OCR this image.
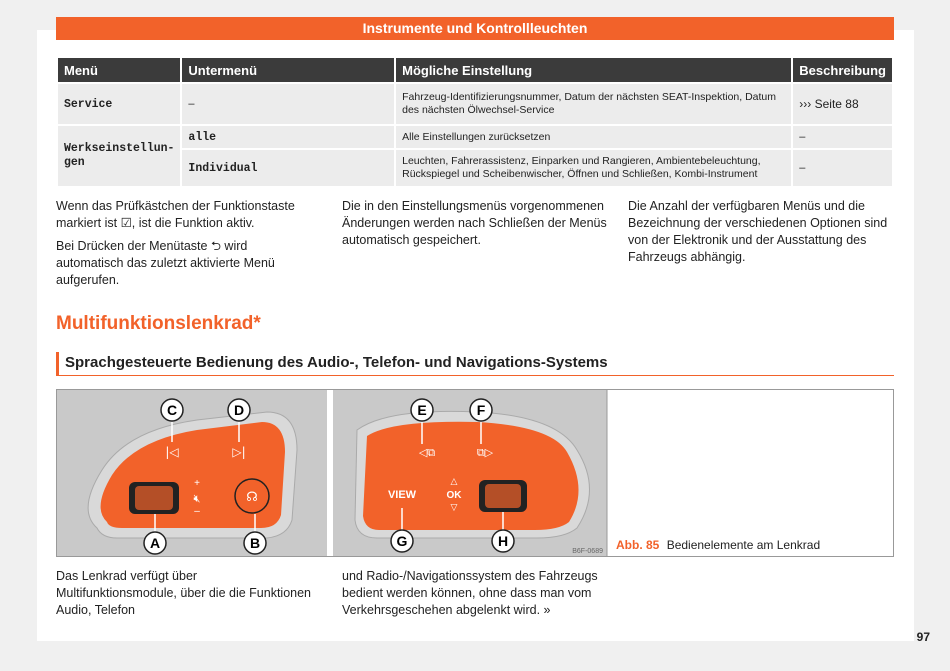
Instrumente und Kontrollleuchten
Menü	Untermenü	Mögliche Einstellung	Beschreibung
Service	–	Fahrzeug-Identifizierungsnummer, Datum der nächsten SEAT-Inspektion, Datum des nächsten Ölwechsel-Service	››› Seite 88
Werkseinstellun-gen	alle	Alle Einstellungen zurücksetzen	–
	Individual	Leuchten, Fahrerassistenz, Einparken und Rangieren, Ambientebeleuchtung, Rückspiegel und Scheibenwischer, Öffnen und Schließen, Kombi-Instrument	–

Wenn das Prüfkästchen der Funktionstaste markiert ist ☑, ist die Funktion aktiv.

Bei Drücken der Menütaste ⮌ wird automatisch das zuletzt aktivierte Menü aufgerufen.

Die in den Einstellungsmenüs vorgenommenen Änderungen werden nach Schließen der Menüs automatisch gespeichert.

Die Anzahl der verfügbaren Menüs und die Bezeichnung der verschiedenen Optionen sind von der Elektronik und der Ausstattung des Fahrzeugs abhängig.

Multifunktionslenkrad*
Sprachgesteuerte Bedienung des Audio-, Telefon- und Navigations-Systems
+
🔇︎
–
☊
|◁	▷|	◁⧉	⧉▷
VIEW
△
OK
▽
C	D
A	B
E	F
G	H
B6F-0689 Abb. 85 Bedienelemente am Lenkrad

Das Lenkrad verfügt über Multifunktionsmodule, über die die Funktionen Audio, Telefon

und Radio-/Navigationssystem des Fahrzeugs bedient werden können, ohne dass man vom Verkehrsgeschehen abgelenkt wird. »

97
